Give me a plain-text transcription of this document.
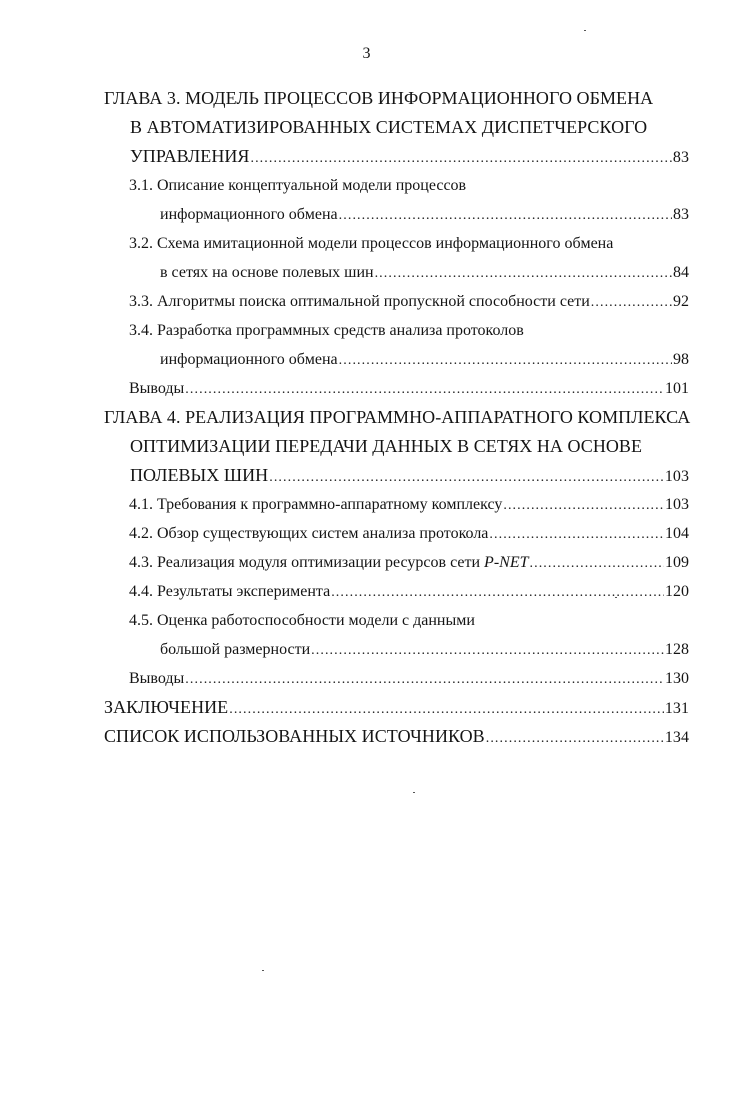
3
ГЛАВА 3. МОДЕЛЬ ПРОЦЕССОВ ИНФОРМАЦИОННОГО ОБМЕНА
В АВТОМАТИЗИРОВАННЫХ СИСТЕМАХ ДИСПЕТЧЕРСКОГО
УПРАВЛЕНИЯ .....	83
3.1. Описание концептуальной модели процессов
информационного обмена .....	83
3.2. Схема имитационной модели процессов информационного обмена
в сетях на основе полевых шин .....	84
3.3. Алгоритмы поиска оптимальной пропускной способности сети .....	92
3.4. Разработка программных средств анализа протоколов
информационного обмена .....	98
Выводы .....	101
ГЛАВА 4. РЕАЛИЗАЦИЯ ПРОГРАММНО-АППАРАТНОГО КОМПЛЕКСА
ОПТИМИЗАЦИИ ПЕРЕДАЧИ ДАННЫХ В СЕТЯХ НА ОСНОВЕ
ПОЛЕВЫХ ШИН .....	103
4.1. Требования к программно-аппаратному комплексу .....	103
4.2. Обзор существующих систем анализа протокола .....	104
4.3. Реализация модуля оптимизации ресурсов сети P-NET .....	109
4.4. Результаты эксперимента .....	120
4.5. Оценка работоспособности модели с данными
большой размерности .....	128
Выводы .....	130
ЗАКЛЮЧЕНИЕ .....	131
СПИСОК ИСПОЛЬЗОВАННЫХ ИСТОЧНИКОВ .....	134
